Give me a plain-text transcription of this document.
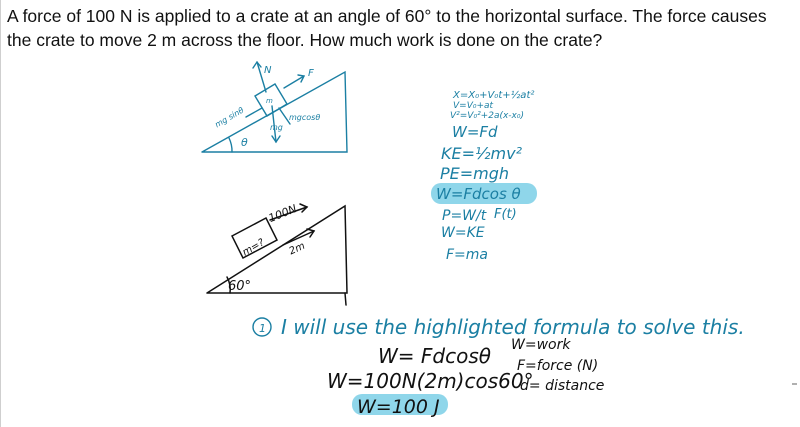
A force of 100 N is applied to a crate at an angle of 60° to the horizontal surface. The force causes
the crate to move 2 m across the floor. How much work is done on the crate?
N	F
m
mg sinθ	mg
mgcosθ
θ
X=X₀+V₀t+½at²
V=V₀+at
V²=V₀²+2a(x-x₀)
W=Fd
KE=½mv²
PE=mgh
W=Fdcos θ
P=W/t F(t)
W=KE
F=ma
m=?
100N
2m
60°
1 I will use the highlighted formula to solve this.
W= Fdcosθ
W=100N(2m)cos60°
W=100 J
W=work
F=force (N)
d= distance
